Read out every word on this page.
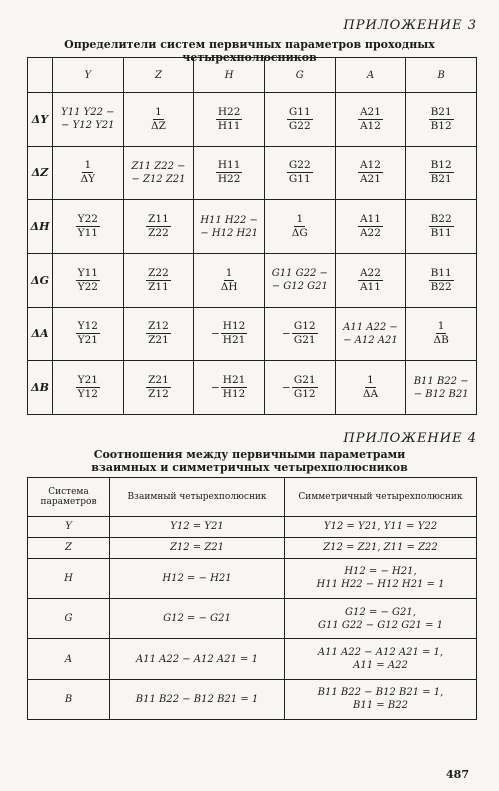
ПРИЛОЖЕНИЕ 3
Определители систем первичных параметров проходных четырехполюсников
	Y	Z	H	G	A	B
ΔY	Y11 Y22 −
− Y12 Y21	$\frac{1}{\Delta Z}$	$\frac{H22}{H11}$	$\frac{G11}{G22}$	$\frac{A21}{A12}$	$\frac{B21}{B12}$

ΔZ	$\frac{1}{\Delta Y}$	Z11 Z22 −
− Z12 Z21	$\frac{H11}{H22}$	$\frac{G22}{G11}$	$\frac{A12}{A21}$	$\frac{B12}{B21}$

ΔH	$\frac{Y22}{Y11}$	$\frac{Z11}{Z22}$	H11 H22 −
− H12 H21	$\frac{1}{\Delta G}$	$\frac{A11}{A22}$	$\frac{B22}{B11}$

ΔG	$\frac{Y11}{Y22}$	$\frac{Z22}{Z11}$	$\frac{1}{\Delta H}$	G11 G22 −
− G12 G21	$\frac{A22}{A11}$	$\frac{B11}{B22}$

ΔA	$\frac{Y12}{Y21}$	$\frac{Z12}{Z21}$	− $\frac{H12}{H21}$	− $\frac{G12}{G21}$	A11 A22 −
− A12 A21	$\frac{1}{\Delta B}$

ΔB	$\frac{Y21}{Y12}$	$\frac{Z21}{Z12}$	− $\frac{H21}{H12}$	− $\frac{G21}{G12}$	$\frac{1}{\Delta A}$	B11 B22 −
− B12 B21
ПРИЛОЖЕНИЕ 4
Соотношения между первичными параметрами
взаимных и симметричных четырехполюсников
Система параметров	Взаимный четырехполюсник	Симметричный четырехполюсник
Y	Y12 = Y21	Y12 = Y21, Y11 = Y22

Z	Z12 = Z21	Z12 = Z21, Z11 = Z22

H	H12 = − H21	H12 = − H21,
H11 H22 − H12 H21 = 1

G	G12 = − G21	G12 = − G21,
G11 G22 − G12 G21 = 1

A	A11 A22 − A12 A21 = 1	A11 A22 − A12 A21 = 1,
A11 = A22

B	B11 B22 − B12 B21 = 1	B11 B22 − B12 B21 = 1,
B11 = B22
487
